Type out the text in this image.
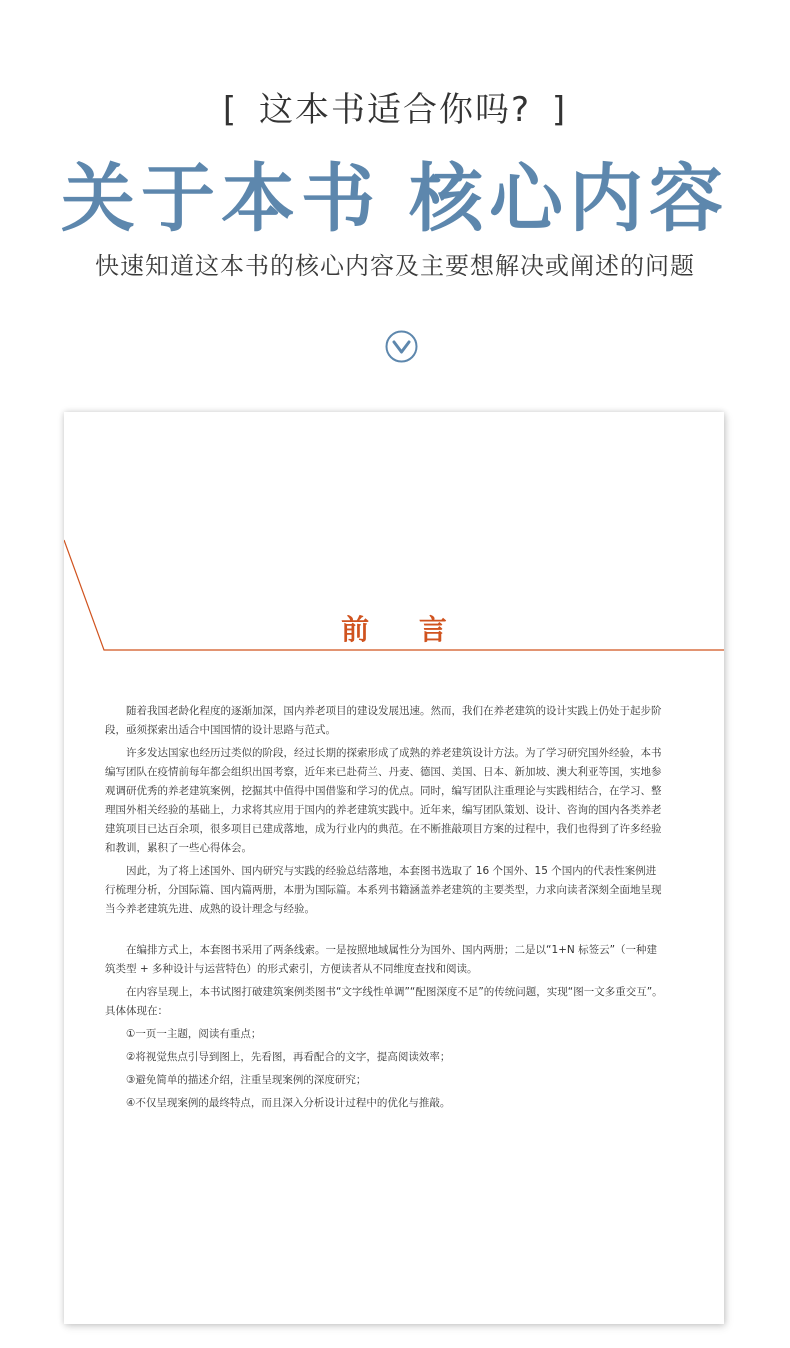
[ 这本书适合你吗? ]
关于本书 核心内容
快速知道这本书的核心内容及主要想解决或阐述的问题
前 言

随着我国老龄化程度的逐渐加深，国内养老项目的建设发展迅速。然而，我们在养老建筑的设计实践上仍处于起步阶段，亟须探索出适合中国国情的设计思路与范式。

许多发达国家也经历过类似的阶段，经过长期的探索形成了成熟的养老建筑设计方法。为了学习研究国外经验，本书编写团队在疫情前每年都会组织出国考察，近年来已赴荷兰、丹麦、德国、美国、日本、新加坡、澳大利亚等国，实地参观调研优秀的养老建筑案例，挖掘其中值得中国借鉴和学习的优点。同时，编写团队注重理论与实践相结合，在学习、整理国外相关经验的基础上，力求将其应用于国内的养老建筑实践中。近年来，编写团队策划、设计、咨询的国内各类养老建筑项目已达百余项，很多项目已建成落地，成为行业内的典范。在不断推敲项目方案的过程中，我们也得到了许多经验和教训，累积了一些心得体会。

因此，为了将上述国外、国内研究与实践的经验总结落地，本套图书选取了 16 个国外、15 个国内的代表性案例进行梳理分析，分国际篇、国内篇两册，本册为国际篇。本系列书籍涵盖养老建筑的主要类型，力求向读者深刻全面地呈现当今养老建筑先进、成熟的设计理念与经验。

在编排方式上，本套图书采用了两条线索。一是按照地域属性分为国外、国内两册；二是以“1+N 标签云”（一种建筑类型 + 多种设计与运营特色）的形式索引，方便读者从不同维度查找和阅读。

在内容呈现上，本书试图打破建筑案例类图书“文字线性单调”“配图深度不足”的传统问题，实现“图一文多重交互”。具体体现在：

①一页一主题，阅读有重点；

②将视觉焦点引导到图上，先看图，再看配合的文字，提高阅读效率；

③避免简单的描述介绍，注重呈现案例的深度研究；

④不仅呈现案例的最终特点，而且深入分析设计过程中的优化与推敲。
